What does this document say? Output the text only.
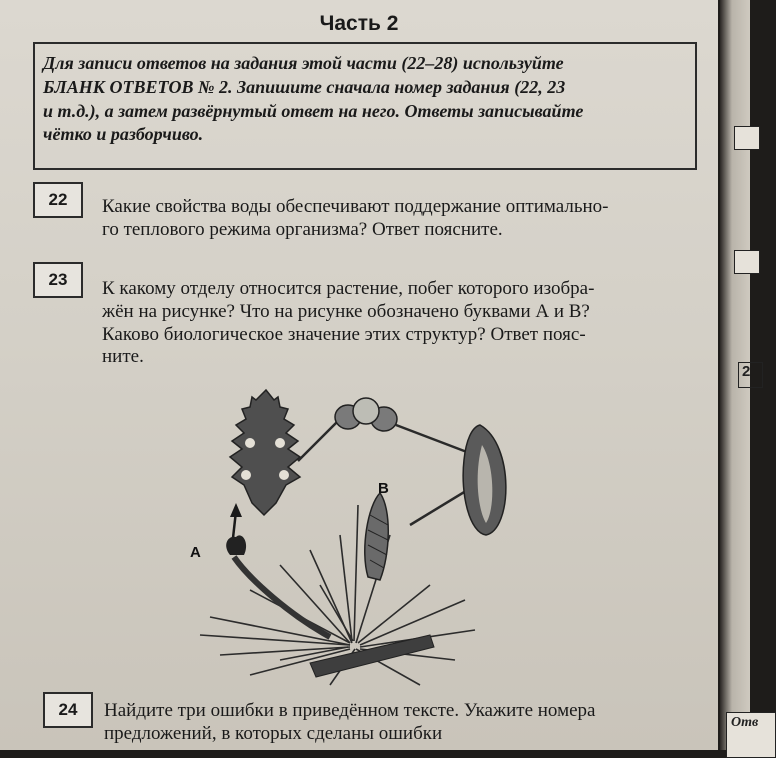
Часть 2
Для записи ответов на задания этой части (22–28) используйте
БЛАНК ОТВЕТОВ № 2. Запишите сначала номер задания (22, 23
и т.д.), а затем развёрнутый ответ на него. Ответы записывайте
чётко и разборчиво.
22	Какие свойства воды обеспечивают поддержание оптимально-
го теплового режима организма? Ответ поясните.
23	К какому отделу относится растение, побег которого изобра-
жён на рисунке? Что на рисунке обозначено буквами А и В?
Каково биологическое значение этих структур? Ответ пояс-
ните.
А
В
24	Найдите три ошибки в приведённом тексте. Укажите номера
предложений, в которых сделаны ошибки
2
Отв
